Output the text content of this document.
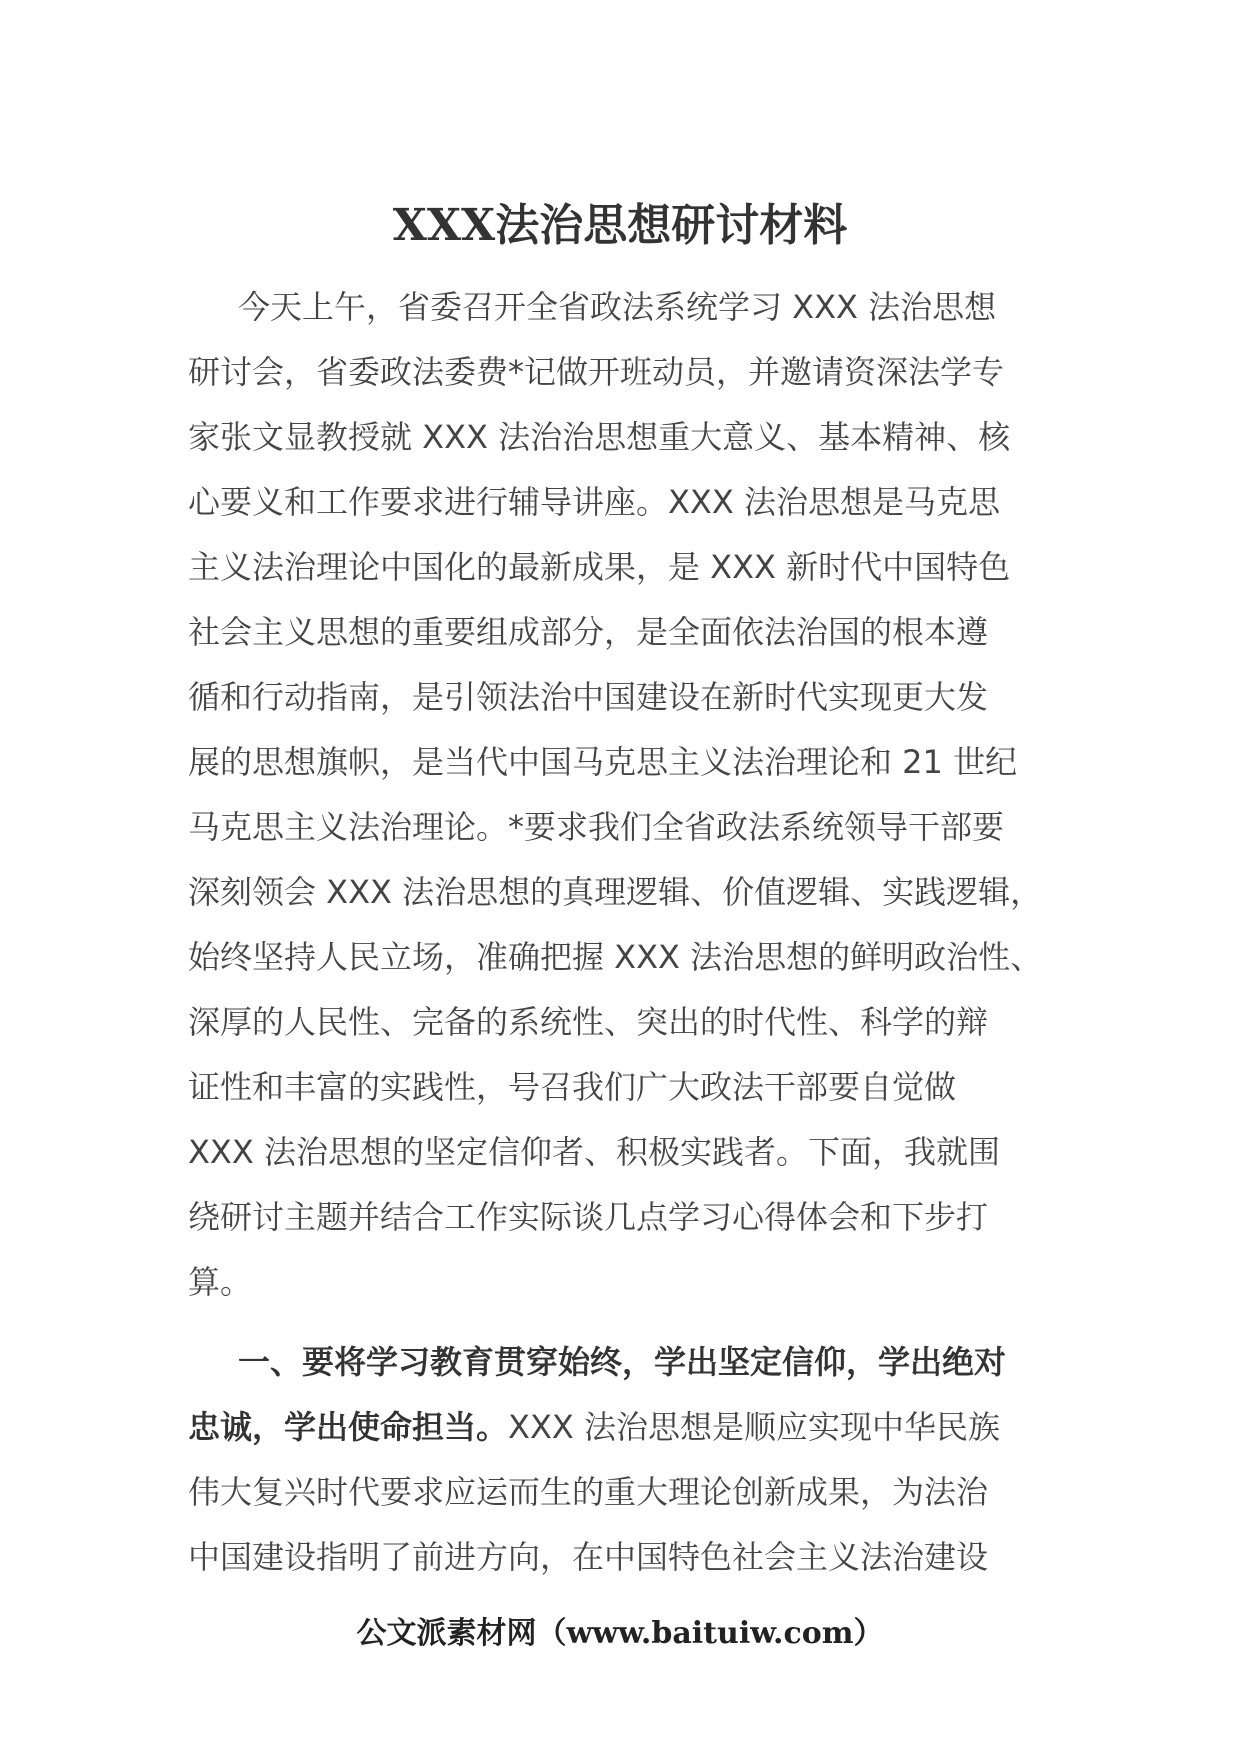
XXX法治思想研讨材料
今天上午，省委召开全省政法系统学习 XXX 法治思想
研讨会，省委政法委费*记做开班动员，并邀请资深法学专
家张文显教授就 XXX 法治治思想重大意义、基本精神、核
心要义和工作要求进行辅导讲座。XXX 法治思想是马克思
主义法治理论中国化的最新成果，是 XXX 新时代中国特色
社会主义思想的重要组成部分，是全面依法治国的根本遵
循和行动指南，是引领法治中国建设在新时代实现更大发
展的思想旗帜，是当代中国马克思主义法治理论和 21 世纪
马克思主义法治理论。*要求我们全省政法系统领导干部要
深刻领会 XXX 法治思想的真理逻辑、价值逻辑、实践逻辑，
始终坚持人民立场，准确把握 XXX 法治思想的鲜明政治性、
深厚的人民性、完备的系统性、突出的时代性、科学的辩
证性和丰富的实践性，号召我们广大政法干部要自觉做
XXX 法治思想的坚定信仰者、积极实践者。下面，我就围
绕研讨主题并结合工作实际谈几点学习心得体会和下步打
算。
一、要将学习教育贯穿始终，学出坚定信仰，学出绝对
忠诚，学出使命担当。XXX 法治思想是顺应实现中华民族
伟大复兴时代要求应运而生的重大理论创新成果，为法治
中国建设指明了前进方向，在中国特色社会主义法治建设
公文派素材网（www.baituiw.com）
